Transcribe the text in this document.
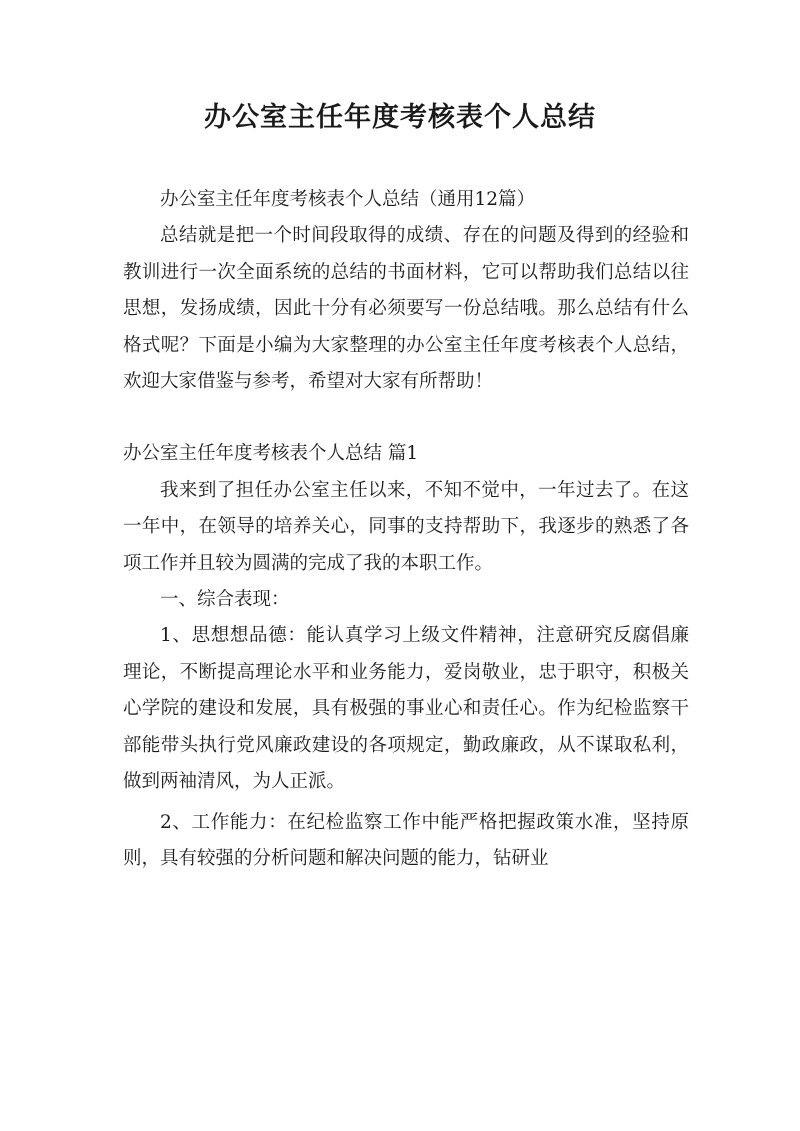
办公室主任年度考核表个人总结

办公室主任年度考核表个人总结（通用12篇）

总结就是把一个时间段取得的成绩、存在的问题及得到的经验和教训进行一次全面系统的总结的书面材料，它可以帮助我们总结以往思想，发扬成绩，因此十分有必须要写一份总结哦。那么总结有什么格式呢？下面是小编为大家整理的办公室主任年度考核表个人总结，欢迎大家借鉴与参考，希望对大家有所帮助！

办公室主任年度考核表个人总结 篇1

我来到了担任办公室主任以来，不知不觉中，一年过去了。在这一年中，在领导的培养关心，同事的支持帮助下，我逐步的熟悉了各项工作并且较为圆满的完成了我的本职工作。

一、综合表现：

1、思想想品德：能认真学习上级文件精神，注意研究反腐倡廉理论，不断提高理论水平和业务能力，爱岗敬业，忠于职守，积极关心学院的建设和发展，具有极强的事业心和责任心。作为纪检监察干部能带头执行党风廉政建设的各项规定，勤政廉政，从不谋取私利，做到两袖清风，为人正派。

2、工作能力：在纪检监察工作中能严格把握政策水准，坚持原则，具有较强的分析问题和解决问题的能力，钻研业
